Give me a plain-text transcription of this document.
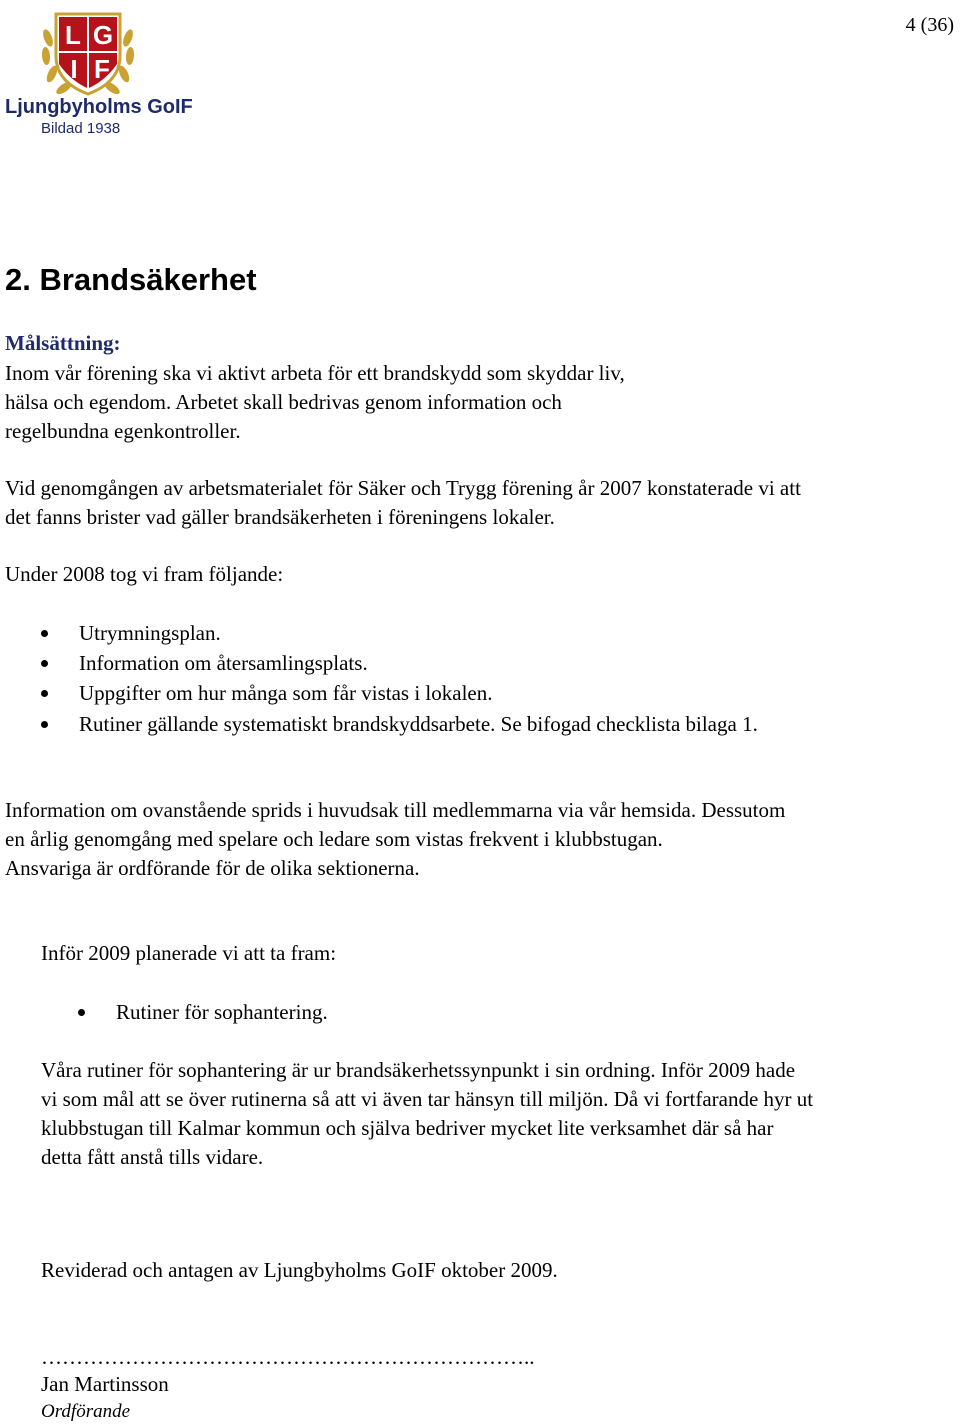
L G
I F
Ljungbyholms GoIF
Bildad 1938
4 (36)
2. Brandsäkerhet
Målsättning:
Inom vår förening ska vi aktivt arbeta för ett brandskydd som skyddar liv,
hälsa och egendom. Arbetet skall bedrivas genom information och
regelbundna egenkontroller.
Vid genomgången av arbetsmaterialet för Säker och Trygg förening år 2007 konstaterade vi att
det fanns brister vad gäller brandsäkerheten i föreningens lokaler.
Under 2008 tog vi fram följande:
Utrymningsplan.
Information om återsamlingsplats.
Uppgifter om hur många som får vistas i lokalen.
Rutiner gällande systematiskt brandskyddsarbete. Se bifogad checklista bilaga 1.
Information om ovanstående sprids i huvudsak till medlemmarna via vår hemsida. Dessutom
en årlig genomgång med spelare och ledare som vistas frekvent i klubbstugan.
Ansvariga är ordförande för de olika sektionerna.
Inför 2009 planerade vi att ta fram:
Rutiner för sophantering.
Våra rutiner för sophantering är ur brandsäkerhetssynpunkt i sin ordning. Inför 2009 hade
vi som mål att se över rutinerna så att vi även tar hänsyn till miljön. Då vi fortfarande hyr ut
klubbstugan till Kalmar kommun och själva bedriver mycket lite verksamhet där så har
detta fått anstå tills vidare.
Reviderad och antagen av Ljungbyholms GoIF oktober 2009.
……………………………………………………………..
Jan Martinsson
Ordförande
